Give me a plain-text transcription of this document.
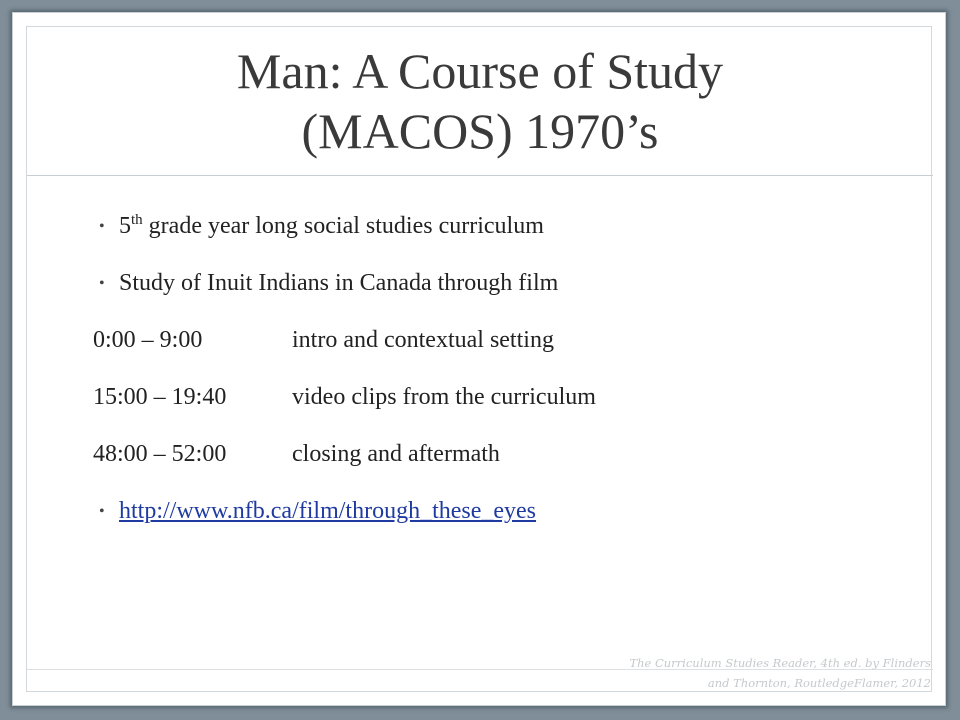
Man: A Course of Study
(MACOS) 1970’s
• 5th grade year long social studies curriculum
• Study of Inuit Indians in Canada through film
0:00 – 9:00	intro and contextual setting
15:00 – 19:40	video clips from the curriculum
48:00 – 52:00	closing and aftermath
• http://www.nfb.ca/film/through_these_eyes
The Curriculum Studies Reader, 4th ed. by Flinders
and Thornton, RoutledgeFlamer, 2012
